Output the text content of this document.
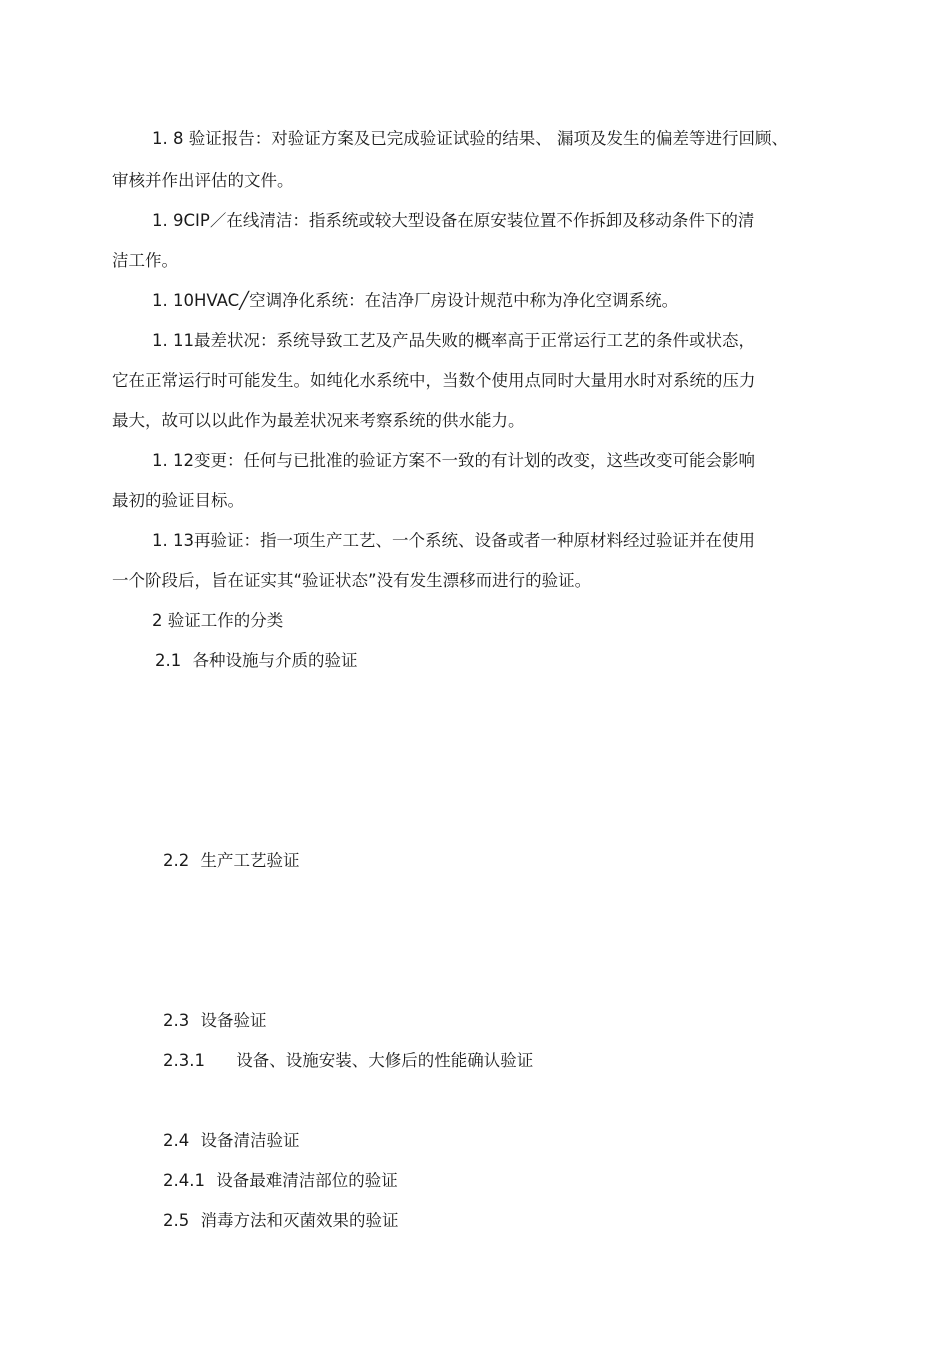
1. 8 验证报告：对验证方案及已完成验证试验的结果、 漏项及发生的偏差等进行回顾、
审核并作出评估的文件。
1. 9CIP／在线清洁：指系统或较大型设备在原安装位置不作拆卸及移动条件下的清
洁工作。
1. 10HVAC╱空调净化系统：在洁净厂房设计规范中称为净化空调系统。
1. 11最差状况：系统导致工艺及产品失败的概率高于正常运行工艺的条件或状态，
它在正常运行时可能发生。如纯化水系统中，当数个使用点同时大量用水时对系统的压力
最大，故可以以此作为最差状况来考察系统的供水能力。
1. 12变更：任何与已批准的验证方案不一致的有计划的改变，这些改变可能会影响
最初的验证目标。
1. 13再验证：指一项生产工艺、一个系统、设备或者一种原材料经过验证并在使用
一个阶段后，旨在证实其“验证状态”没有发生漂移而进行的验证。
2 验证工作的分类
2.1 各种设施与介质的验证
2.2 生产工艺验证
2.3 设备验证
2.3.1 设备、设施安装、大修后的性能确认验证
2.4 设备清洁验证
2.4.1 设备最难清洁部位的验证
2.5 消毒方法和灭菌效果的验证
